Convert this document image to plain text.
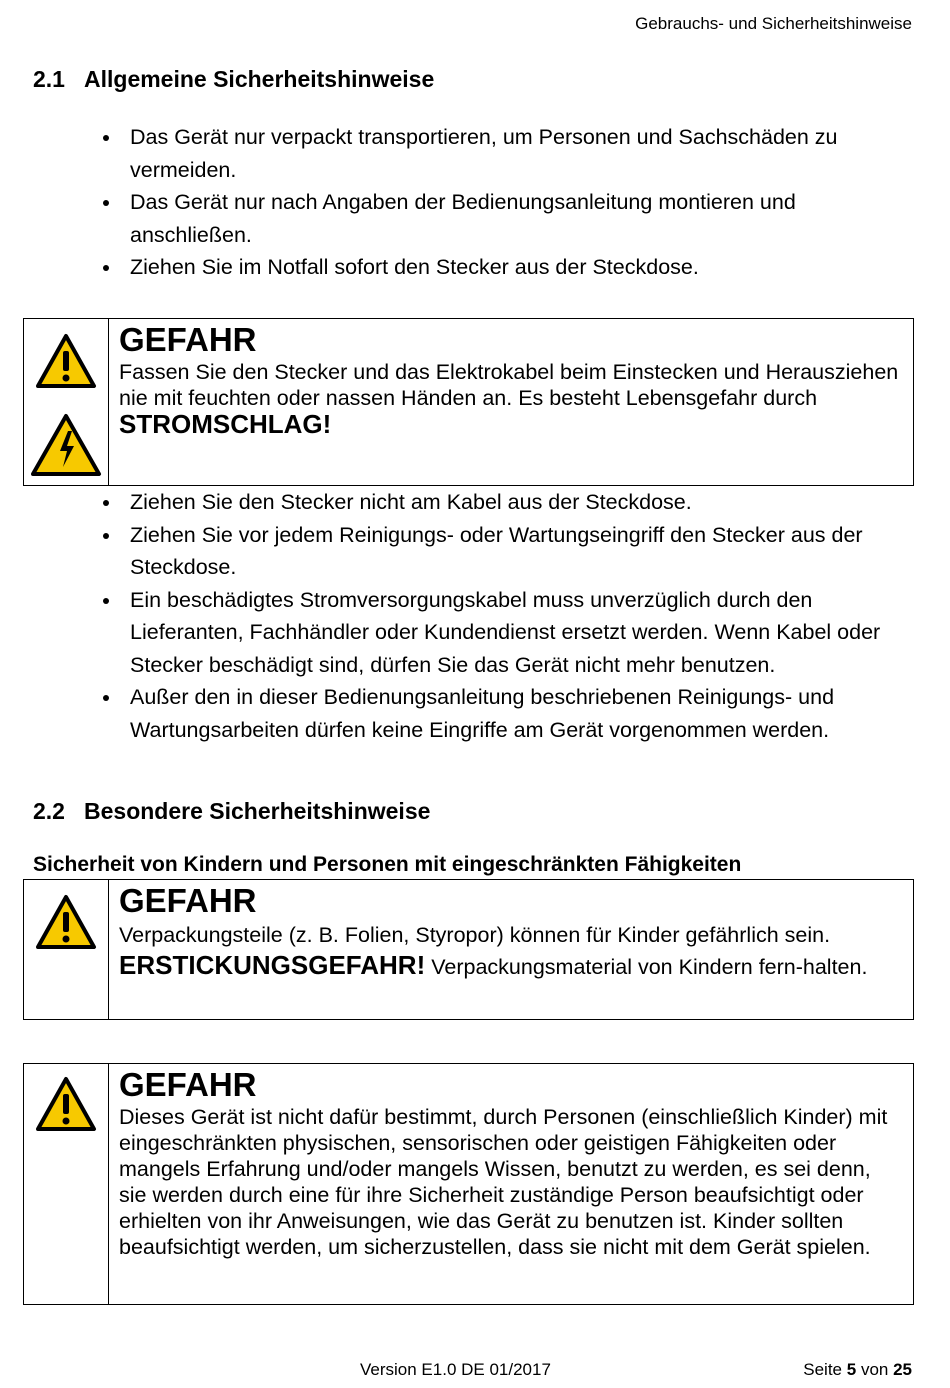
Gebrauchs- und Sicherheitshinweise
2.1 Allgemeine Sicherheitshinweise
Das Gerät nur verpackt transportieren, um Personen und Sachschäden zu vermeiden.
Das Gerät nur nach Angaben der Bedienungsanleitung montieren und anschließen.
Ziehen Sie im Notfall sofort den Stecker aus der Steckdose.
GEFAHR
Fassen Sie den Stecker und das Elektrokabel beim Einstecken und Herausziehen nie mit feuchten oder nassen Händen an. Es besteht Lebensgefahr durch STROMSCHLAG!
Ziehen Sie den Stecker nicht am Kabel aus der Steckdose.
Ziehen Sie vor jedem Reinigungs- oder Wartungseingriff den Stecker aus der Steckdose.
Ein beschädigtes Stromversorgungskabel muss unverzüglich durch den Lieferanten, Fachhändler oder Kundendienst ersetzt werden. Wenn Kabel oder Stecker beschädigt sind, dürfen Sie das Gerät nicht mehr benutzen.
Außer den in dieser Bedienungsanleitung beschriebenen Reinigungs- und Wartungsarbeiten dürfen keine Eingriffe am Gerät vorgenommen werden.
2.2 Besondere Sicherheitshinweise
Sicherheit von Kindern und Personen mit eingeschränkten Fähigkeiten
GEFAHR
Verpackungsteile (z. B. Folien, Styropor) können für Kinder gefährlich sein. ERSTICKUNGSGEFAHR! Verpackungsmaterial von Kindern fern-halten.
GEFAHR
Dieses Gerät ist nicht dafür bestimmt, durch Personen (einschließlich Kinder) mit eingeschränkten physischen, sensorischen oder geistigen Fähigkeiten oder mangels Erfahrung und/oder mangels Wissen, benutzt zu werden, es sei denn, sie werden durch eine für ihre Sicherheit zuständige Person beaufsichtigt oder erhielten von ihr Anweisungen, wie das Gerät zu benutzen ist. Kinder sollten beaufsichtigt werden, um sicherzustellen, dass sie nicht mit dem Gerät spielen.
Version E1.0 DE 01/2017	Seite 5 von 25
